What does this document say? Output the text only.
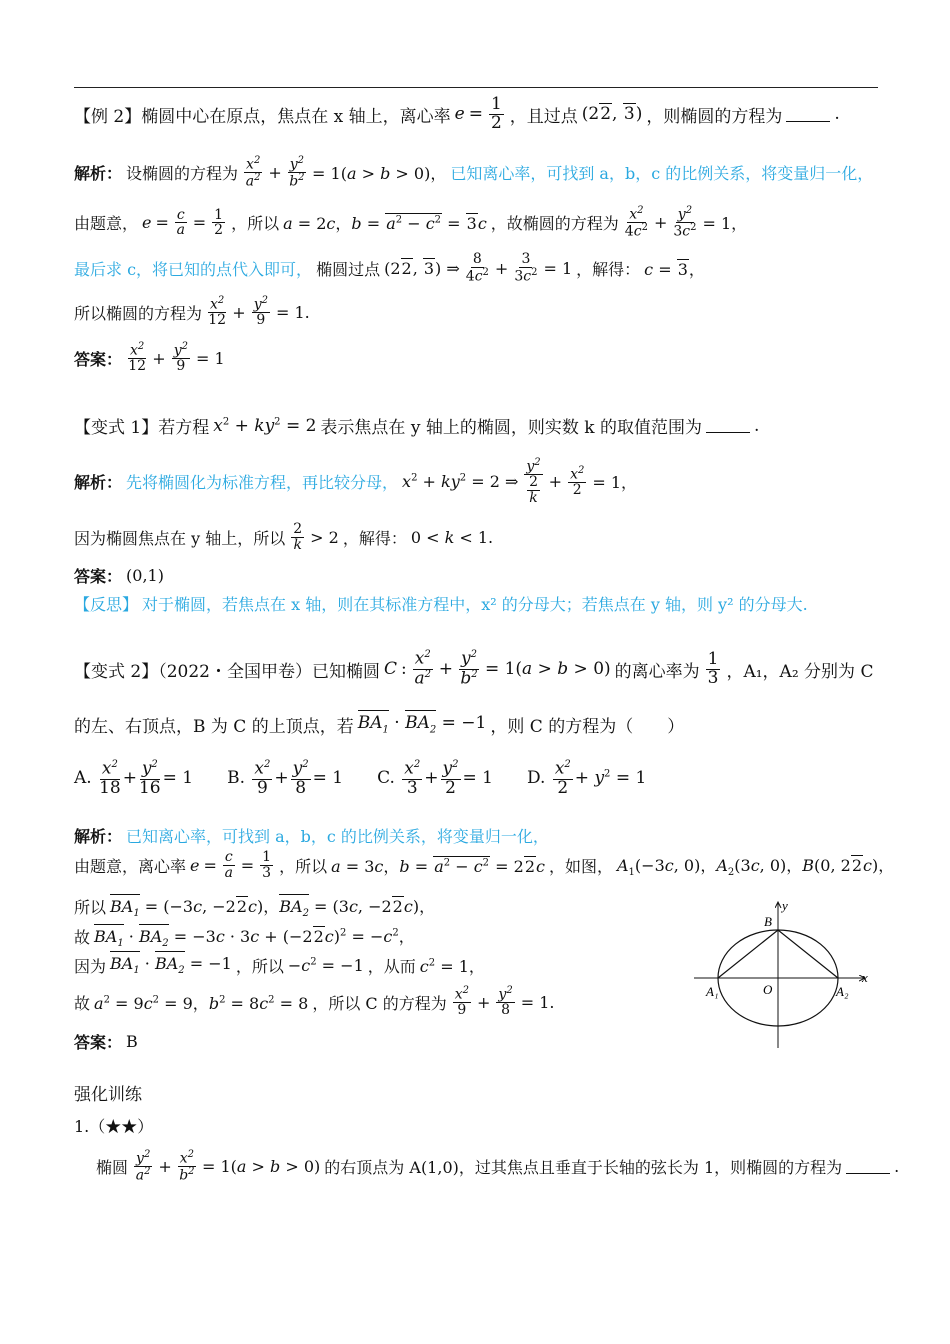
【例 2】椭圆中心在原点，焦点在 x 轴上，离心率 $e = \frac{1}{2}$ ，且过点 (22, 3) ，则椭圆的方程为	.
解析： 设椭圆的方程为 $\frac{x^2}{a^2} + \frac{y^2}{b^2} = 1(a > b > 0)$， 已知离心率，可找到 a，b，c 的比例关系，将变量归一化，
由题意， $e = \frac{c}{a} = \frac{1}{2}$ ，所以 a = 2c，$b = a^2 - c^2 = 3c$ ，故椭圆的方程为 $\frac{x^2}{4c^2} + \frac{y^2}{3c^2} = 1$，
最后求 c，将已知的点代入即可， 椭圆过点 (22, 3) ⇒ $\frac{8}{4c^2} + \frac{3}{3c^2} = 1$ ，解得： c = 3，
所以椭圆的方程为 $\frac{x^2}{12} + \frac{y^2}{9} = 1$.
答案： $\frac{x^2}{12} + \frac{y^2}{9} = 1$
【变式 1】若方程 $x^2 + ky^2 = 2$ 表示焦点在 y 轴上的椭圆，则实数 k 的取值范围为	.
解析： 先将椭圆化为标准方程，再比较分母， $x^2 + ky^2 = 2$ ⇒ $\frac{y^2}{\frac{2}{k}} + \frac{x^2}{2} = 1$，
因为椭圆焦点在 y 轴上，所以 $\frac{2}{k} > 2$ ，解得： 0 < k < 1.
答案： (0,1)
【反思】 对于椭圆，若焦点在 x 轴，则在其标准方程中，x² 的分母大；若焦点在 y 轴，则 y² 的分母大.
【变式 2】（2022・全国甲卷）已知椭圆 C : $\frac{x^2}{a^2} + \frac{y^2}{b^2} = 1(a > b > 0)$ 的离心率为 $\frac{1}{3}$ ，A₁，A₂ 分别为 C
的左、右顶点，B 为 C 的上顶点，若 $BA_1 \cdot BA_2 = -1$ ，则 C 的方程为（　　）
A. $\frac{x^2}{18} + \frac{y^2}{16} = 1$ B. $\frac{x^2}{9} + \frac{y^2}{8} = 1$ C. $\frac{x^2}{3} + \frac{y^2}{2} = 1$ D. $\frac{x^2}{2} + y^2 = 1$
解析： 已知离心率，可找到 a，b，c 的比例关系，将变量归一化，
由题意，离心率 $e = \frac{c}{a} = \frac{1}{3}$ ，所以 a = 3c，$b = a^2 - c^2 = 22c$ ，如图， $A_1(-3c$, 0)，$A_2(3c$, 0)，B(0, 22c)，
所以 $BA_1 = (-3c$, −22c)，$BA_2 = (3c$, −22c)，
故 $BA_1 \cdot BA_2 = -3c \cdot 3c + (-22c)^2 = -c^2$，
因为 $BA_1 \cdot BA_2 = -1$ ，所以 $-c^2 = -1$ ，从而 $c^2 = 1$，
故 $a^2 = 9c^2 = 9$，$b^2 = 8c^2 = 8$ ，所以 C 的方程为 $\frac{x^2}{9} + \frac{y^2}{8} = 1$.
答案： B
y
x
B
O
A₁	A₂
强化训练
1.（★★）
椭圆 $\frac{y^2}{a^2} + \frac{x^2}{b^2} = 1(a > b > 0)$ 的右顶点为 A(1,0)，过其焦点且垂直于长轴的弦长为 1，则椭圆的方程为	.
